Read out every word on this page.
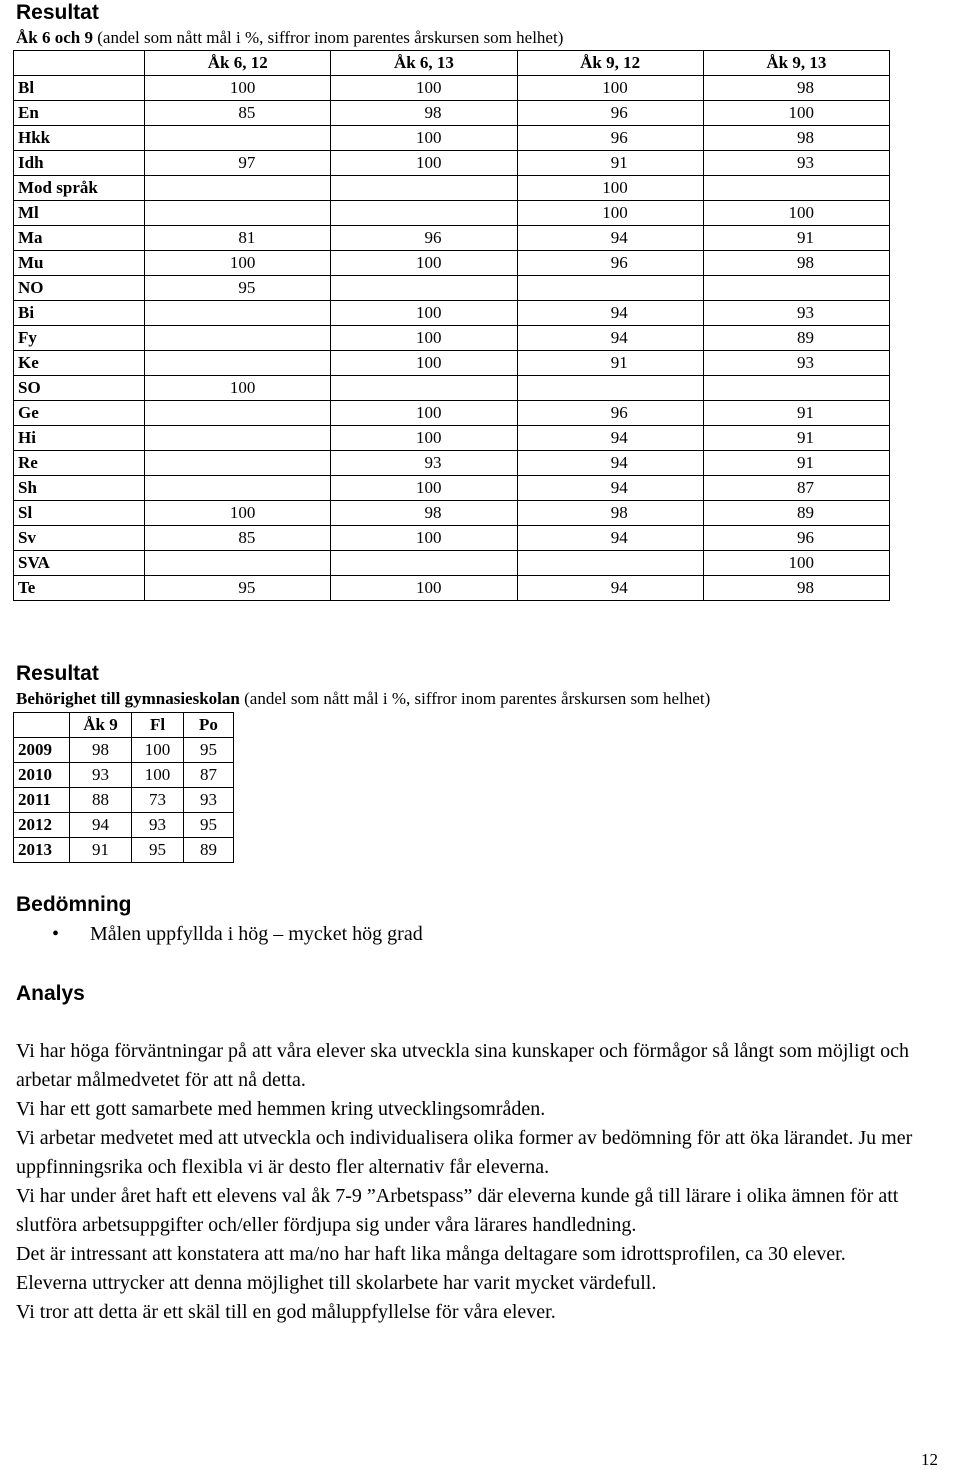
Resultat
Åk 6 och 9 (andel som nått mål i %, siffror inom parentes årskursen som helhet)
	Åk 6, 12	Åk 6, 13	Åk 9, 12	Åk 9, 13
Bl	100	100	100	98
En	85	98	96	100
Hkk		100	96	98
Idh	97	100	91	93
Mod språk			100	
Ml			100	100
Ma	81	96	94	91
Mu	100	100	96	98
NO	95			
Bi		100	94	93
Fy		100	94	89
Ke		100	91	93
SO	100			
Ge		100	96	91
Hi		100	94	91
Re		93	94	91
Sh		100	94	87
Sl	100	98	98	89
Sv	85	100	94	96
SVA				100
Te	95	100	94	98
Resultat
Behörighet till gymnasieskolan (andel som nått mål i %, siffror inom parentes årskursen som helhet)
	Åk 9	Fl	Po
2009	98	100	95
2010	93	100	87
2011	88	73	93
2012	94	93	95
2013	91	95	89
Bedömning
• Målen uppfyllda i hög – mycket hög grad
Analys
Vi har höga förväntningar på att våra elever ska utveckla sina kunskaper och förmågor så långt som möjligt och arbetar målmedvetet för att nå detta.
Vi har ett gott samarbete med hemmen kring utvecklingsområden.
Vi arbetar medvetet med att utveckla och individualisera olika former av bedömning för att öka lärandet. Ju mer uppfinningsrika och flexibla vi är desto fler alternativ får eleverna.
Vi har under året haft ett elevens val åk 7-9 ”Arbetspass” där eleverna kunde gå till lärare i olika ämnen för att slutföra arbetsuppgifter och/eller fördjupa sig under våra lärares handledning.
Det är intressant att konstatera att ma/no har haft lika många deltagare som idrottsprofilen, ca 30 elever.
Eleverna uttrycker att denna möjlighet till skolarbete har varit mycket värdefull.
Vi tror att detta är ett skäl till en god måluppfyllelse för våra elever.
12
